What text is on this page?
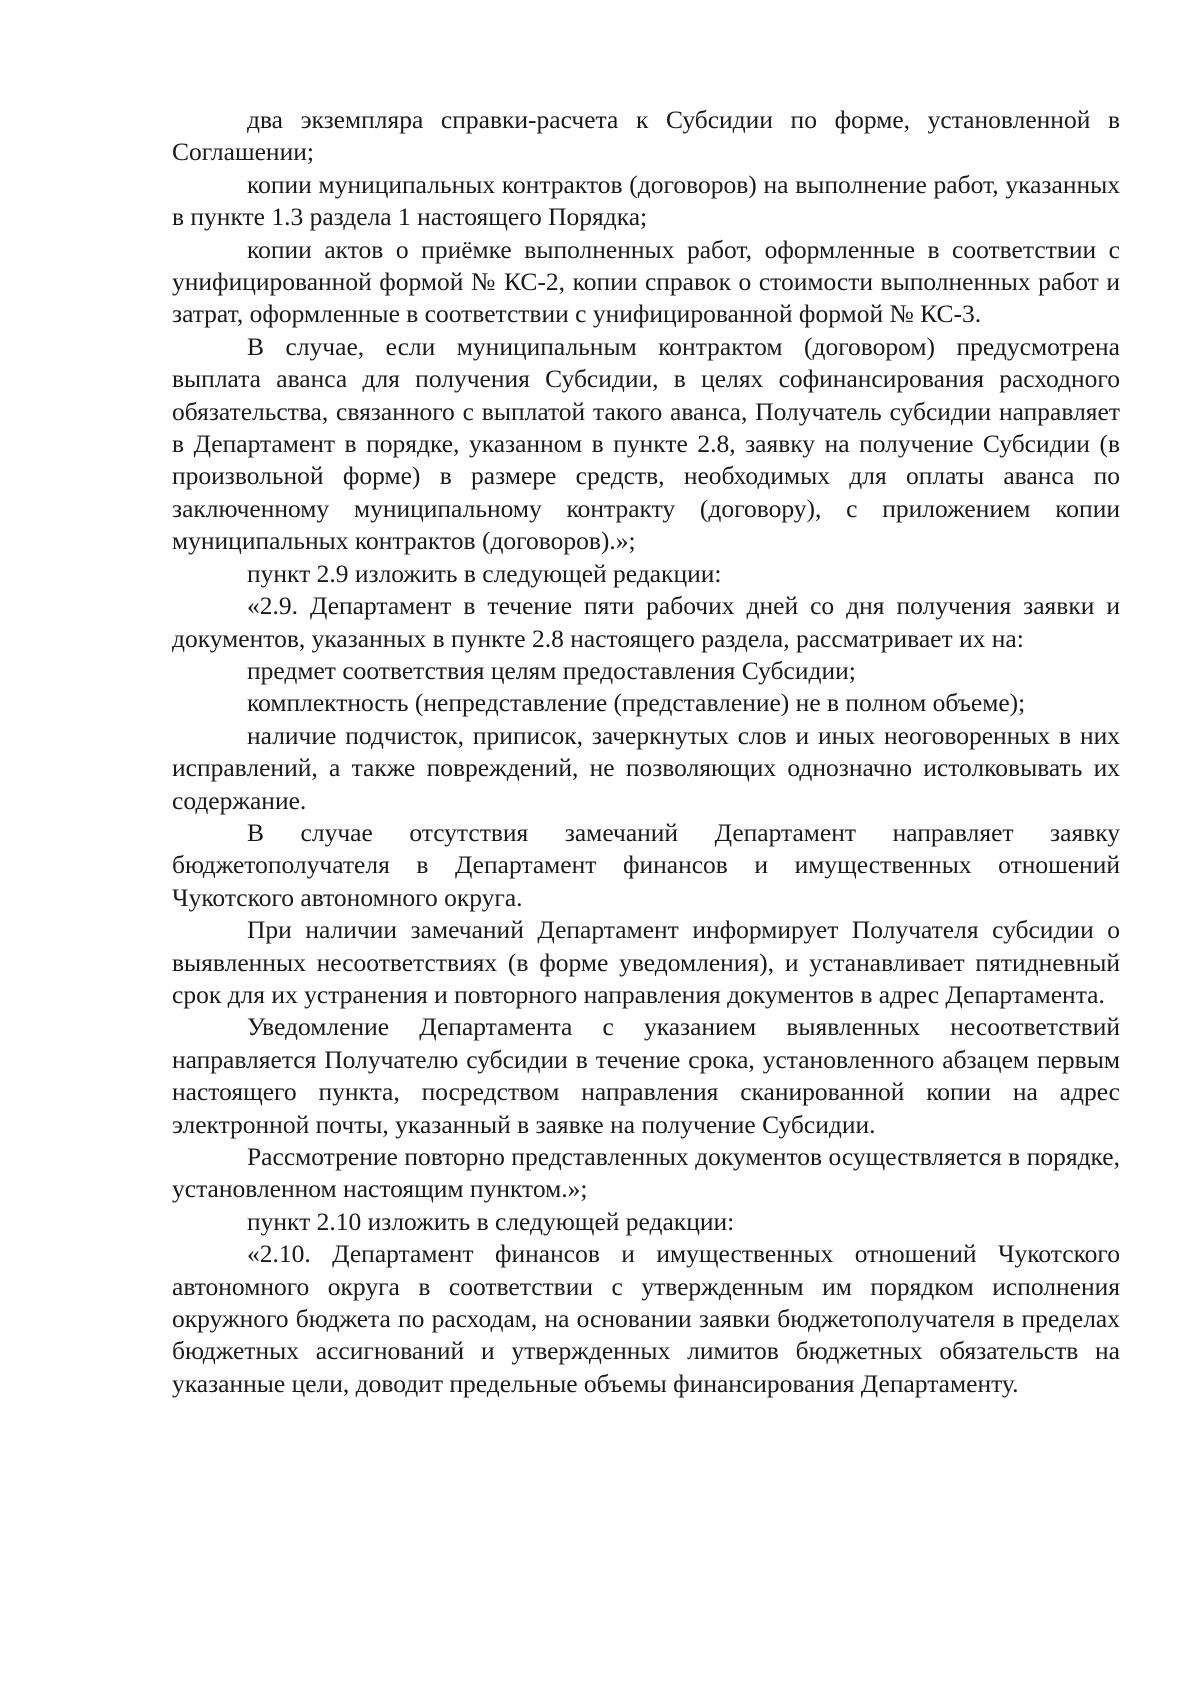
два экземпляра справки-расчета к Субсидии по форме, установленной в Соглашении;

копии муниципальных контрактов (договоров) на выполнение работ, указанных в пункте 1.3 раздела 1 настоящего Порядка;

копии актов о приёмке выполненных работ, оформленные в соответствии с унифицированной формой № КС-2, копии справок о стоимости выполненных работ и затрат, оформленные в соответствии с унифицированной формой № КС-3.

В случае, если муниципальным контрактом (договором) предусмотрена выплата аванса для получения Субсидии, в целях софинансирования расходного обязательства, связанного с выплатой такого аванса, Получатель субсидии направляет в Департамент в порядке, указанном в пункте 2.8, заявку на получение Субсидии (в произвольной форме) в размере средств, необходимых для оплаты аванса по заключенному муниципальному контракту (договору), с приложением копии муниципальных контрактов (договоров).»;

пункт 2.9 изложить в следующей редакции:

«2.9. Департамент в течение пяти рабочих дней со дня получения заявки и документов, указанных в пункте 2.8 настоящего раздела, рассматривает их на:

предмет соответствия целям предоставления Субсидии;

комплектность (непредставление (представление) не в полном объеме);

наличие подчисток, приписок, зачеркнутых слов и иных неоговоренных в них исправлений, а также повреждений, не позволяющих однозначно истолковывать их содержание.

В случае отсутствия замечаний Департамент направляет заявку бюджетополучателя в Департамент финансов и имущественных отношений Чукотского автономного округа.

При наличии замечаний Департамент информирует Получателя субсидии о выявленных несоответствиях (в форме уведомления), и устанавливает пятидневный срок для их устранения и повторного направления документов в адрес Департамента.

Уведомление Департамента с указанием выявленных несоответствий направляется Получателю субсидии в течение срока, установленного абзацем первым настоящего пункта, посредством направления сканированной копии на адрес электронной почты, указанный в заявке на получение Субсидии.

Рассмотрение повторно представленных документов осуществляется в порядке, установленном настоящим пунктом.»;

пункт 2.10 изложить в следующей редакции:

«2.10. Департамент финансов и имущественных отношений Чукотского автономного округа в соответствии с утвержденным им порядком исполнения окружного бюджета по расходам, на основании заявки бюджетополучателя в пределах бюджетных ассигнований и утвержденных лимитов бюджетных обязательств на указанные цели, доводит предельные объемы финансирования Департаменту.
